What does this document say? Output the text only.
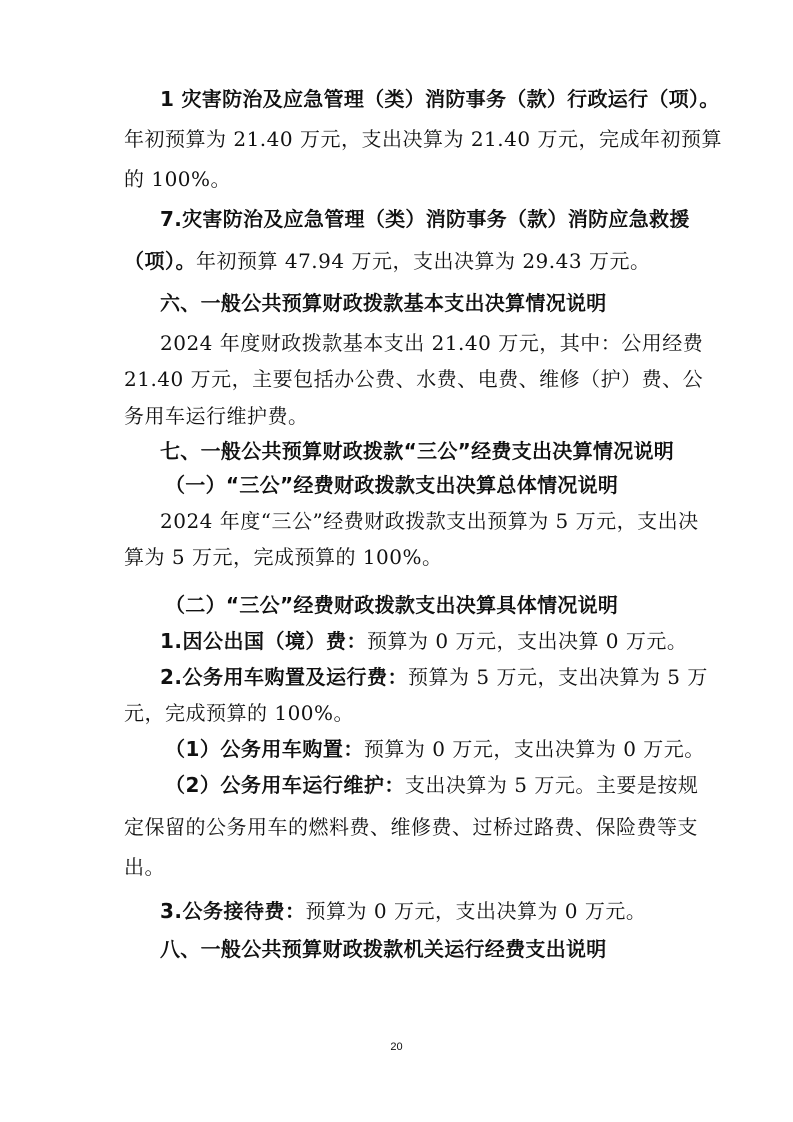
1 灾害防治及应急管理（类）消防事务（款）行政运行（项）。
年初预算为 21.40 万元，支出决算为 21.40 万元，完成年初预算
的 100%。
7.灾害防治及应急管理（类）消防事务（款）消防应急救援
（项）。年初预算 47.94 万元，支出决算为 29.43 万元。
六、一般公共预算财政拨款基本支出决算情况说明
2024 年度财政拨款基本支出 21.40 万元，其中：公用经费
21.40 万元，主要包括办公费、水费、电费、维修（护）费、公
务用车运行维护费。
七、一般公共预算财政拨款“三公”经费支出决算情况说明
（一）“三公”经费财政拨款支出决算总体情况说明
2024 年度“三公”经费财政拨款支出预算为 5 万元，支出决
算为 5 万元，完成预算的 100%。
（二）“三公”经费财政拨款支出决算具体情况说明
1.因公出国（境）费：预算为 0 万元，支出决算 0 万元。
2.公务用车购置及运行费：预算为 5 万元，支出决算为 5 万
元，完成预算的 100%。
（1）公务用车购置：预算为 0 万元，支出决算为 0 万元。
（2）公务用车运行维护：支出决算为 5 万元。主要是按规
定保留的公务用车的燃料费、维修费、过桥过路费、保险费等支
出。
3.公务接待费：预算为 0 万元，支出决算为 0 万元。
八、一般公共预算财政拨款机关运行经费支出说明
20
